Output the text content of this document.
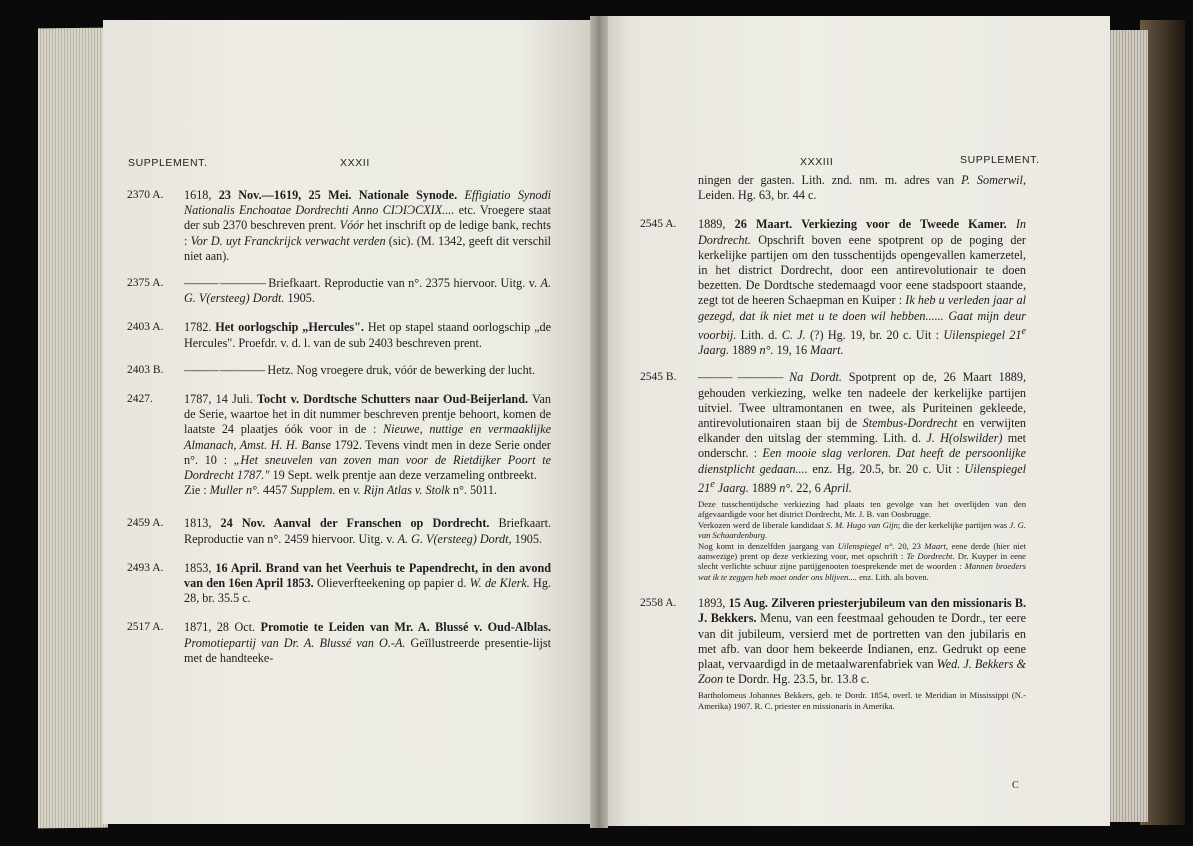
SUPPLEMENT.	XXXII
2370 A. 1618, 23 Nov.—1619, 25 Mei. Nationale Synode. Effigiatio Synodi Nationalis Enchoatae Dordrechti Anno CIƆIƆCXIX.... etc. Vroegere staat der sub 2370 beschreven prent. Vóór het inschrift op de ledige bank, rechts : Vor D. uyt Franckrijck verwacht verden (sic). (M. 1342, geeft dit verschil niet aan).
2375 A. ——— ———— Briefkaart. Reproductie van n°. 2375 hiervoor. Uitg. v. A. G. V(ersteeg) Dordt. 1905.
2403 A. 1782. Het oorlogschip „Hercules". Het op stapel staand oorlogschip „de Hercules". Proefdr. v. d. l. van de sub 2403 beschreven prent.
2403 B. ——— ———— Hetz. Nog vroegere druk, vóór de bewerking der lucht.
2427.	1787, 14 Juli. Tocht v. Dordtsche Schutters naar Oud-Beijerland. Van de Serie, waartoe het in dit nummer beschreven prentje behoort, komen de laatste 24 plaatjes óók voor in de : Nieuwe, nuttige en vermaaklijke Almanach, Amst. H. H. Banse 1792. Tevens vindt men in deze Serie onder n°. 10 : „Het sneuvelen van zoven man voor de Rietdijker Poort te Dordrecht 1787." 19 Sept. welk prentje aan deze verzameling ontbreekt.
Zie : Muller n°. 4457 Supplem. en v. Rijn Atlas v. Stolk n°. 5011.
2459 A. 1813, 24 Nov. Aanval der Franschen op Dordrecht. Briefkaart. Reproductie van n°. 2459 hiervoor. Uitg. v. A. G. V(ersteeg) Dordt, 1905.
2493 A. 1853, 16 April. Brand van het Veerhuis te Papendrecht, in den avond van den 16en April 1853. Olieverfteekening op papier d. W. de Klerk. Hg. 28, br. 35.5 c.
2517 A. 1871, 28 Oct. Promotie te Leiden van Mr. A. Blussé v. Oud-Alblas. Promotiepartij van Dr. A. Blussé van O.-A. Geïllustreerde presentie-lijst met de handteeke-
XXXIII	SUPPLEMENT.
ningen der gasten. Lith. znd. nm. m. adres van P. Somerwil, Leiden. Hg. 63, br. 44 c.
2545 A. 1889, 26 Maart. Verkiezing voor de Tweede Kamer. In Dordrecht. Opschrift boven eene spotprent op de poging der kerkelijke partijen om den tusschentijds opengevallen kamerzetel, in het district Dordrecht, door een antirevolutionair te doen bezetten. De Dordtsche stedemaagd voor eene stadspoort staande, zegt tot de heeren Schaepman en Kuiper : Ik heb u verleden jaar al gezegd, dat ik niet met u te doen wil hebben...... Gaat mijn deur voorbij. Lith. d. C. J. (?) Hg. 19, br. 20 c. Uit : Uilenspiegel 21e Jaarg. 1889 n°. 19, 16 Maart.
2545 B. ——— ———— Na Dordt. Spotprent op de, 26 Maart 1889, gehouden verkiezing, welke ten nadeele der kerkelijke partijen uitviel. Twee ultramontanen en twee, als Puriteinen gekleede, antirevolutionairen staan bij de Stembus-Dordrecht en verwijten elkander den uitslag der stemming. Lith. d. J. H(olswilder) met onderschr. : Een mooie slag verloren. Dat heeft de persoonlijke dienstplicht gedaan.... enz. Hg. 20.5, br. 20 c. Uit : Uilenspiegel 21e Jaarg. 1889 n°. 22, 6 April.
Deze tusschentijdsche verkiezing had plaats ten gevolge van het overlijden van den afgevaardigde voor het district Dordrecht, Mr. J. B. van Oosbrugge.
Verkozen werd de liberale kandidaat S. M. Hugo van Gijn; die der kerkelijke partijen was J. G. van Schaardenburg.
Nog komt in denzelfden jaargang van Uilenspiegel n°. 20, 23 Maart, eene derde (hier niet aanwezige) prent op deze verkiezing voor, met opschrift : Te Dordrecht. Dr. Kuyper in eene slecht verlichte schuur zijne partijgenooten toesprekende met de woorden : Mannen broeders wat ik te zeggen heb moet onder ons blijven.... enz. Lith. als boven.
2558 A. 1893, 15 Aug. Zilveren priesterjubileum van den missionaris B. J. Bekkers. Menu, van een feestmaal gehouden te Dordr., ter eere van dit jubileum, versierd met de portretten van den jubilaris en met afb. van door hem bekeerde Indianen, enz. Gedrukt op eene plaat, vervaardigd in de metaalwarenfabriek van Wed. J. Bekkers & Zoon te Dordr. Hg. 23.5, br. 13.8 c.
Bartholomeus Johannes Bekkers, geb. te Dordr. 1854, overl. te Meridian in Mississippi (N.-Amerika) 1907. R. C. priester en missionaris in Amerika.
C
